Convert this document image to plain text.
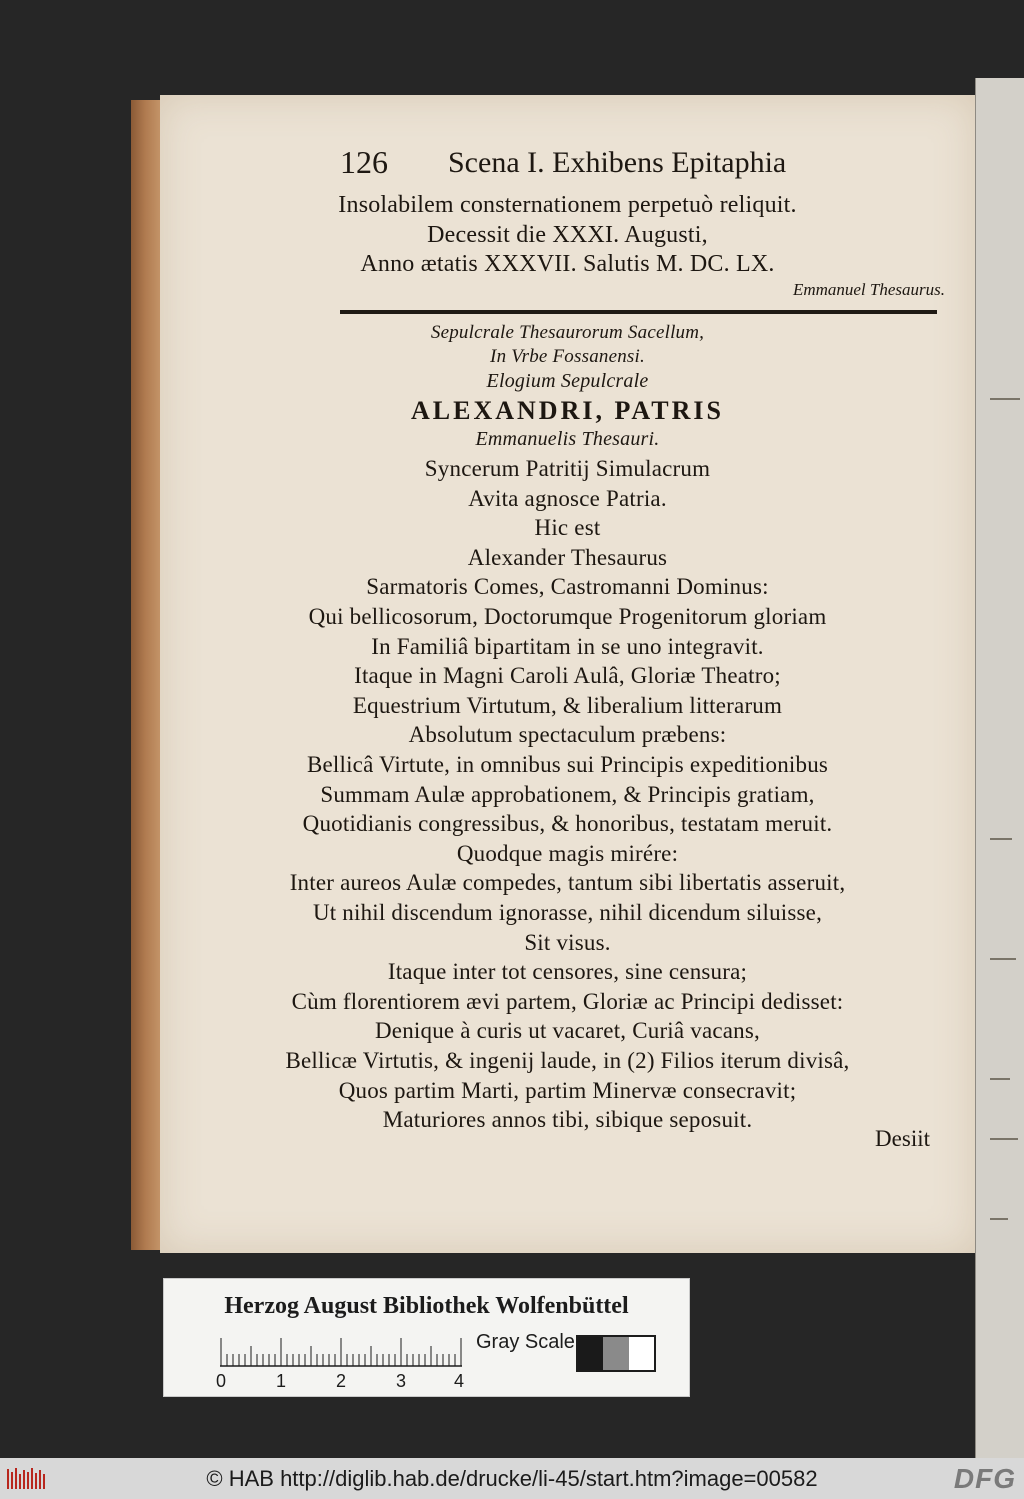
126 Scena I. Exhibens Epitaphia
Insolabilem consternationem perpetuò reliquit.
Decessit die XXXI. Augusti,
Anno ætatis XXXVII. Salutis M. DC. LX.
Emmanuel Thesaurus.
Sepulcrale Thesaurorum Sacellum,
In Vrbe Fossanensi.
Elogium Sepulcrale
ALEXANDRI, PATRIS
Emmanuelis Thesauri.
Syncerum Patritij Simulacrum
Avita agnosce Patria.
Hic est
Alexander Thesaurus
Sarmatoris Comes, Castromanni Dominus:
Qui bellicosorum, Doctorumque Progenitorum gloriam
In Familiâ bipartitam in se uno integravit.
Itaque in Magni Caroli Aulâ, Gloriæ Theatro;
Equestrium Virtutum, & liberalium litterarum
Absolutum spectaculum præbens:
Bellicâ Virtute, in omnibus sui Principis expeditionibus
Summam Aulæ approbationem, & Principis gratiam,
Quotidianis congressibus, & honoribus, testatam meruit.
Quodque magis mirére:
Inter aureos Aulæ compedes, tantum sibi libertatis asseruit,
Ut nihil discendum ignorasse, nihil dicendum siluisse,
Sit visus.
Itaque inter tot censores, sine censura;
Cùm florentiorem ævi partem, Gloriæ ac Principi dedisset:
Denique à curis ut vacaret, Curiâ vacans,
Bellicæ Virtutis, & ingenij laude, in (2) Filios iterum divisâ,
Quos partim Marti, partim Minervæ consecravit;
Maturiores annos tibi, sibique seposuit.
Desiit
Herzog August Bibliothek Wolfenbüttel
Gray Scale
0	1	2	3	4
© HAB http://diglib.hab.de/drucke/li-45/start.htm?image=00582	DFG
